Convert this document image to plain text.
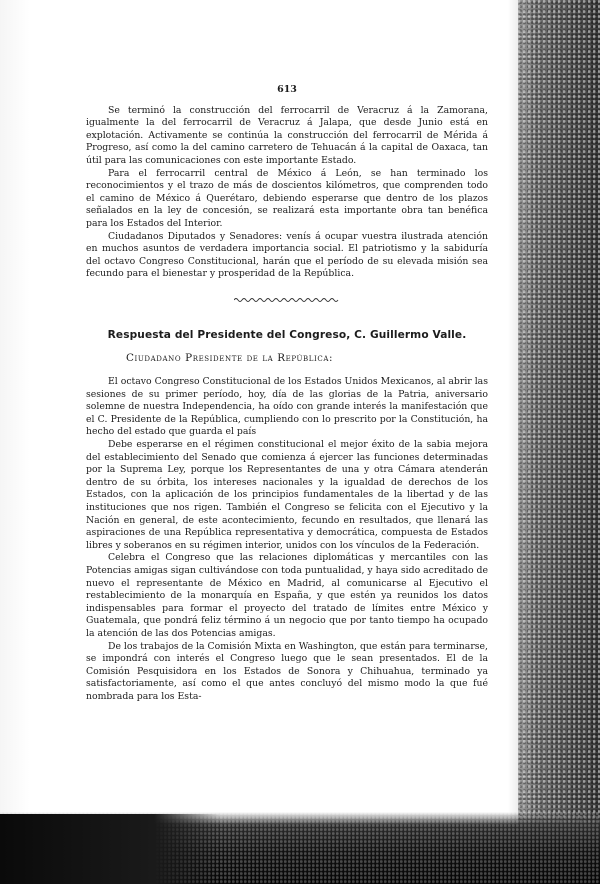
613

Se terminó la construcción del ferrocarril de Veracruz á la Zamorana, igualmente la del ferrocarril de Veracruz á Jalapa, que desde Junio está en explotación. Activamente se continúa la construcción del ferrocarril de Mérida á Progreso, así como la del camino carretero de Tehuacán á la capital de Oaxaca, tan útil para las comunicaciones con este importante Estado.

Para el ferrocarril central de México á León, se han terminado los reconocimientos y el trazo de más de doscientos kilómetros, que comprenden todo el camino de México á Querétaro, debiendo esperarse que dentro de los plazos señalados en la ley de concesión, se realizará esta importante obra tan benéfica para los Estados del Interior.

Ciudadanos Diputados y Senadores: venís á ocupar vuestra ilustrada atención en muchos asuntos de verdadera importancia social. El patriotismo y la sabiduría del octavo Congreso Constitucional, harán que el período de su elevada misión sea fecundo para el bienestar y prosperidad de la República.

Respuesta del Presidente del Congreso, C. Guillermo Valle.
Ciudadano Presidente de la República:

El octavo Congreso Constitucional de los Estados Unidos Mexicanos, al abrir las sesiones de su primer período, hoy, día de las glorias de la Patria, aniversario solemne de nuestra Independencia, ha oído con grande interés la manifestación que el C. Presidente de la República, cumpliendo con lo prescrito por la Constitución, ha hecho del estado que guarda el país

Debe esperarse en el régimen constitucional el mejor éxito de la sabia mejora del establecimiento del Senado que comienza á ejercer las funciones determinadas por la Suprema Ley, porque los Representantes de una y otra Cámara atenderán dentro de su órbita, los intereses nacionales y la igualdad de derechos de los Estados, con la aplicación de los principios fundamentales de la libertad y de las instituciones que nos rigen. También el Congreso se felicita con el Ejecutivo y la Nación en general, de este acontecimiento, fecundo en resultados, que llenará las aspiraciones de una República representativa y democrática, compuesta de Estados libres y soberanos en su régimen interior, unidos con los vínculos de la Federación.

Celebra el Congreso que las relaciones diplomáticas y mercantiles con las Potencias amigas sigan cultivándose con toda puntualidad, y haya sido acreditado de nuevo el representante de México en Madrid, al comunicarse al Ejecutivo el restablecimiento de la monarquía en España, y que estén ya reunidos los datos indispensables para formar el proyecto del tratado de límites entre México y Guatemala, que pondrá feliz término á un negocio que por tanto tiempo ha ocupado la atención de las dos Potencias amigas.

De los trabajos de la Comisión Mixta en Washington, que están para terminarse, se impondrá con interés el Congreso luego que le sean presentados. El de la Comisión Pesquisidora en los Estados de Sonora y Chihuahua, terminado ya satisfactoriamente, así como el que antes concluyó del mismo modo la que fué nombrada para los Esta-
